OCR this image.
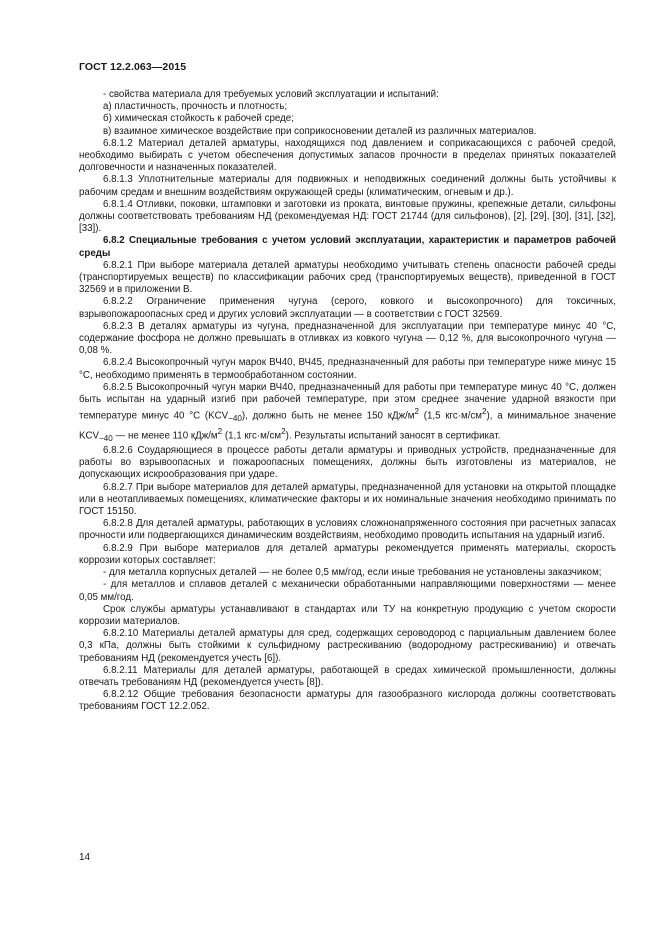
ГОСТ 12.2.063—2015

- свойства материала для требуемых условий эксплуатации и испытаний:

а) пластичность, прочность и плотность;

б) химическая стойкость к рабочей среде;

в) взаимное химическое воздействие при соприкосновении деталей из различных материалов.

6.8.1.2 Материал деталей арматуры, находящихся под давлением и соприкасающихся с рабочей средой, необходимо выбирать с учетом обеспечения допустимых запасов прочности в пределах принятых показателей долговечности и назначенных показателей.

6.8.1.3 Уплотнительные материалы для подвижных и неподвижных соединений должны быть устойчивы к рабочим средам и внешним воздействиям окружающей среды (климатическим, огневым и др.).

6.8.1.4 Отливки, поковки, штамповки и заготовки из проката, винтовые пружины, крепежные детали, сильфоны должны соответствовать требованиям НД (рекомендуемая НД: ГОСТ 21744 (для сильфонов), [2], [29], [30], [31], [32], [33]).

6.8.2 Специальные требования с учетом условий эксплуатации, характеристик и параметров рабочей среды

6.8.2.1 При выборе материала деталей арматуры необходимо учитывать степень опасности рабочей среды (транспортируемых веществ) по классификации рабочих сред (транспортируемых веществ), приведенной в ГОСТ 32569 и в приложении В.

6.8.2.2 Ограничение применения чугуна (серого, ковкого и высокопрочного) для токсичных, взрывопожароопасных сред и других условий эксплуатации — в соответствии с ГОСТ 32569.

6.8.2.3 В деталях арматуры из чугуна, предназначенной для эксплуатации при температуре минус 40 °С, содержание фосфора не должно превышать в отливках из ковкого чугуна — 0,12 %, для высокопрочного чугуна — 0,08 %.

6.8.2.4 Высокопрочный чугун марок ВЧ40, ВЧ45, предназначенный для работы при температуре ниже минус 15 °С, необходимо применять в термообработанном состоянии.

6.8.2.5 Высокопрочный чугун марки ВЧ40, предназначенный для работы при температуре минус 40 °С, должен быть испытан на ударный изгиб при рабочей температуре, при этом среднее значение ударной вязкости при температуре минус 40 °С $(KCV_{-40})$, должно быть не менее 150 кДж/$м^2$ (1,5 $кгс\cdot м/см^2$), а минимальное значение $KCV_{-40}$ — не менее 110 кДж/$м^2$ (1,1 $кгс\cdot м/см^2$). Результаты испытаний заносят в сертификат.

6.8.2.6 Соударяющиеся в процессе работы детали арматуры и приводных устройств, предназначенные для работы во взрывоопасных и пожароопасных помещениях, должны быть изготовлены из материалов, не допускающих искрообразования при ударе.

6.8.2.7 При выборе материалов для деталей арматуры, предназначенной для установки на открытой площадке или в неотапливаемых помещениях, климатические факторы и их номинальные значения необходимо принимать по ГОСТ 15150.

6.8.2.8 Для деталей арматуры, работающих в условиях сложнонапряженного состояния при расчетных запасах прочности или подвергающихся динамическим воздействиям, необходимо проводить испытания на ударный изгиб.

6.8.2.9 При выборе материалов для деталей арматуры рекомендуется применять материалы, скорость коррозии которых составляет:

- для металла корпусных деталей — не более 0,5 мм/год, если иные требования не установлены заказчиком;

- для металлов и сплавов деталей с механически обработанными направляющими поверхностями — менее 0,05 мм/год.

Срок службы арматуры устанавливают в стандартах или ТУ на конкретную продукцию с учетом скорости коррозии материалов.

6.8.2.10 Материалы деталей арматуры для сред, содержащих сероводород с парциальным давлением более 0,3 кПа, должны быть стойкими к сульфидному растрескиванию (водородному растрескиванию) и отвечать требованиям НД (рекомендуется учесть [6]).

6.8.2.11 Материалы для деталей арматуры, работающей в средах химической промышленности, должны отвечать требованиям НД (рекомендуется учесть [8]).

6.8.2.12 Общие требования безопасности арматуры для газообразного кислорода должны соответствовать требованиям ГОСТ 12.2.052.

14
